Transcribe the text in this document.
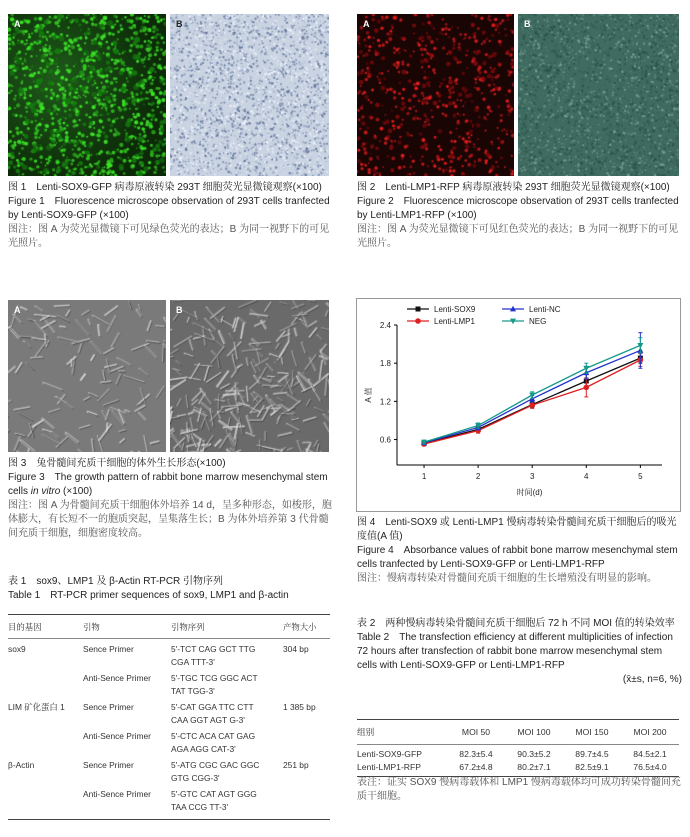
A	B
图 1　Lenti-SOX9-GFP 病毒原液转染 293T 细胞荧光显微镜观察(×100)
Figure 1　Fluorescence microscope observation of 293T cells tranfected by Lenti-SOX9-GFP (×100)
图注：图 A 为荧光显微镜下可见绿色荧光的表达；B 为同一视野下的可见光照片。
A	B
图 2　Lenti-LMP1-RFP 病毒原液转染 293T 细胞荧光显微镜观察(×100)
Figure 2　Fluorescence microscope observation of 293T cells tranfected by Lenti-LMP1-RFP (×100)
图注：图 A 为荧光显微镜下可见红色荧光的表达；B 为同一视野下的可见光照片。
A	B
图 3　兔骨髓间充质干细胞的体外生长形态(×100)
Figure 3　The growth pattern of rabbit bone marrow mesenchymal stem cells in vitro (×100)
图注：图 A 为骨髓间充质干细胞体外培养 14 d，呈多种形态，如梭形，胞体膨大，有长短不一的胞质突起，呈集落生长；B 为体外培养第 3 代骨髓间充质干细胞，细胞密度较高。
1	2	3	4	5
0.6
1.2
1.8
2.4
时间(d)
A 值
Lenti-SOX9
Lenti-LMP1
Lenti-NC
NEG
图 4　Lenti-SOX9 或 Lenti-LMP1 慢病毒转染骨髓间充质干细胞后的吸光度值(A 值)
Figure 4　Absorbance values of rabbit bone marrow mesenchymal stem cells tranfected by Lenti-SOX9-GFP or Lenti-LMP1-RFP
图注：慢病毒转染对骨髓间充质干细胞的生长增殖没有明显的影响。
表 1　sox9、LMP1 及 β-Actin RT-PCR 引物序列
Table 1　RT-PCR primer sequences of sox9, LMP1 and β-actin
目的基因	引物	引物序列	产物大小
sox9	Sence Primer	5'-TCT CAG GCT TTG
CGA TTT-3'	304 bp
	Anti-Sence Primer	5'-TGC TCG GGC ACT
TAT TGG-3'	

LIM 矿化蛋白 1	Sence Primer	5'-CAT GGA TTC CTT
CAA GGT AGT G-3'	1 385 bp
	Anti-Sence Primer	5'-CTC ACA CAT GAG
AGA AGG CAT-3'	

β-Actin	Sence Primer	5'-ATG CGC GAC GGC
GTG CGG-3'	251 bp
	Anti-Sence Primer	5'-GTC CAT AGT GGG
TAA CCG TT-3'	

表 2　两种慢病毒转染骨髓间充质干细胞后 72 h 不同 MOI 值的转染效率
Table 2　The transfection efficiency at different multiplicities of infection 72 hours after transfection of rabbit bone marrow mesenchymal stem cells with Lenti-SOX9-GFP or Lenti-LMP1-RFP
(x̄±s, n=6, %)
组别	MOI 50	MOI 100	MOI 150	MOI 200
Lenti-SOX9-GFP	82.3±5.4	90.3±5.2	89.7±4.5	84.5±2.1
Lenti-LMP1-RFP	67.2±4.8	80.2±7.1	82.5±9.1	76.5±4.0
表注：证实 SOX9 慢病毒载体和 LMP1 慢病毒载体均可成功转染骨髓间充质干细胞。
